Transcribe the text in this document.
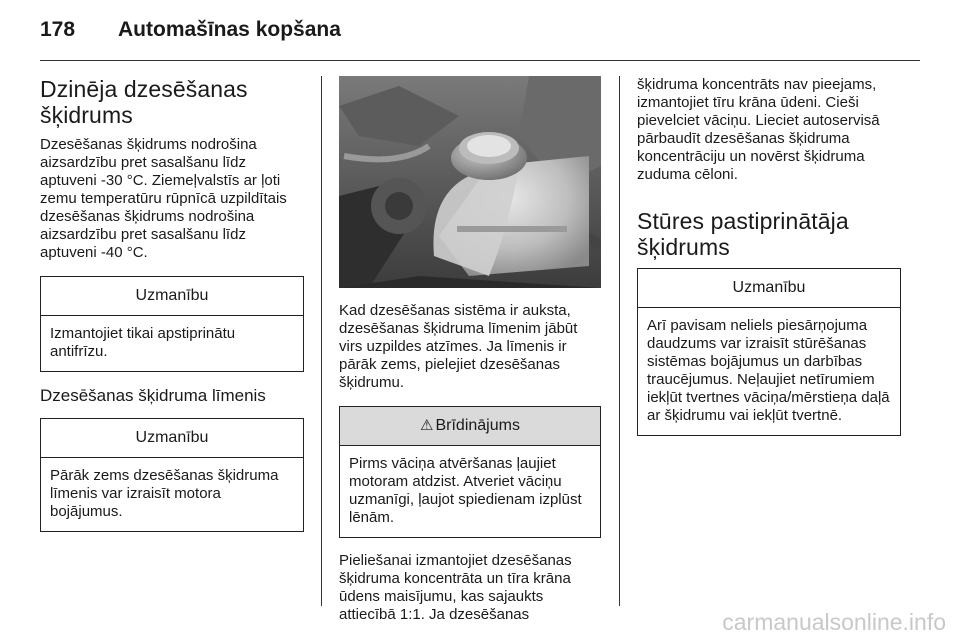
178 Automašīnas kopšana
Dzinēja dzesēšanas šķidrums

Dzesēšanas šķidrums nodrošina aizsardzību pret sasalšanu līdz aptuveni -30 °C. Ziemeļvalstīs ar ļoti zemu temperatūru rūpnīcā uzpildītais dzesēšanas šķidrums nodrošina aizsardzību pret sasalšanu līdz aptuveni -40 °C.

Uzmanību
Izmantojiet tikai apstiprinātu antifrīzu.
Dzesēšanas šķidruma līmenis
Uzmanību
Pārāk zems dzesēšanas šķidruma līmenis var izraisīt motora bojājumus.

Kad dzesēšanas sistēma ir auksta, dzesēšanas šķidruma līmenim jābūt virs uzpildes atzīmes. Ja līmenis ir pārāk zems, pielejiet dzesēšanas šķidrumu.

⚠ Brīdinājums
Pirms vāciņa atvēršanas ļaujiet motoram atdzist. Atveriet vāciņu uzmanīgi, ļaujot spiedienam izplūst lēnām.

Pieliešanai izmantojiet dzesēšanas šķidruma koncentrāta un tīra krāna ūdens maisījumu, kas sajaukts attiecībā 1:1. Ja dzesēšanas

šķidruma koncentrāts nav pieejams, izmantojiet tīru krāna ūdeni. Cieši pievelciet vāciņu. Lieciet autoservisā pārbaudīt dzesēšanas šķidruma koncentrāciju un novērst šķidruma zuduma cēloni.

Stūres pastiprinātāja šķidrums
Uzmanību
Arī pavisam neliels piesārņojuma daudzums var izraisīt stūrēšanas sistēmas bojājumus un darbības traucējumus. Neļaujiet netīrumiem iekļūt tvertnes vāciņa/mērstieņa daļā ar šķidrumu vai iekļūt tvertnē.
carmanualsonline.info
